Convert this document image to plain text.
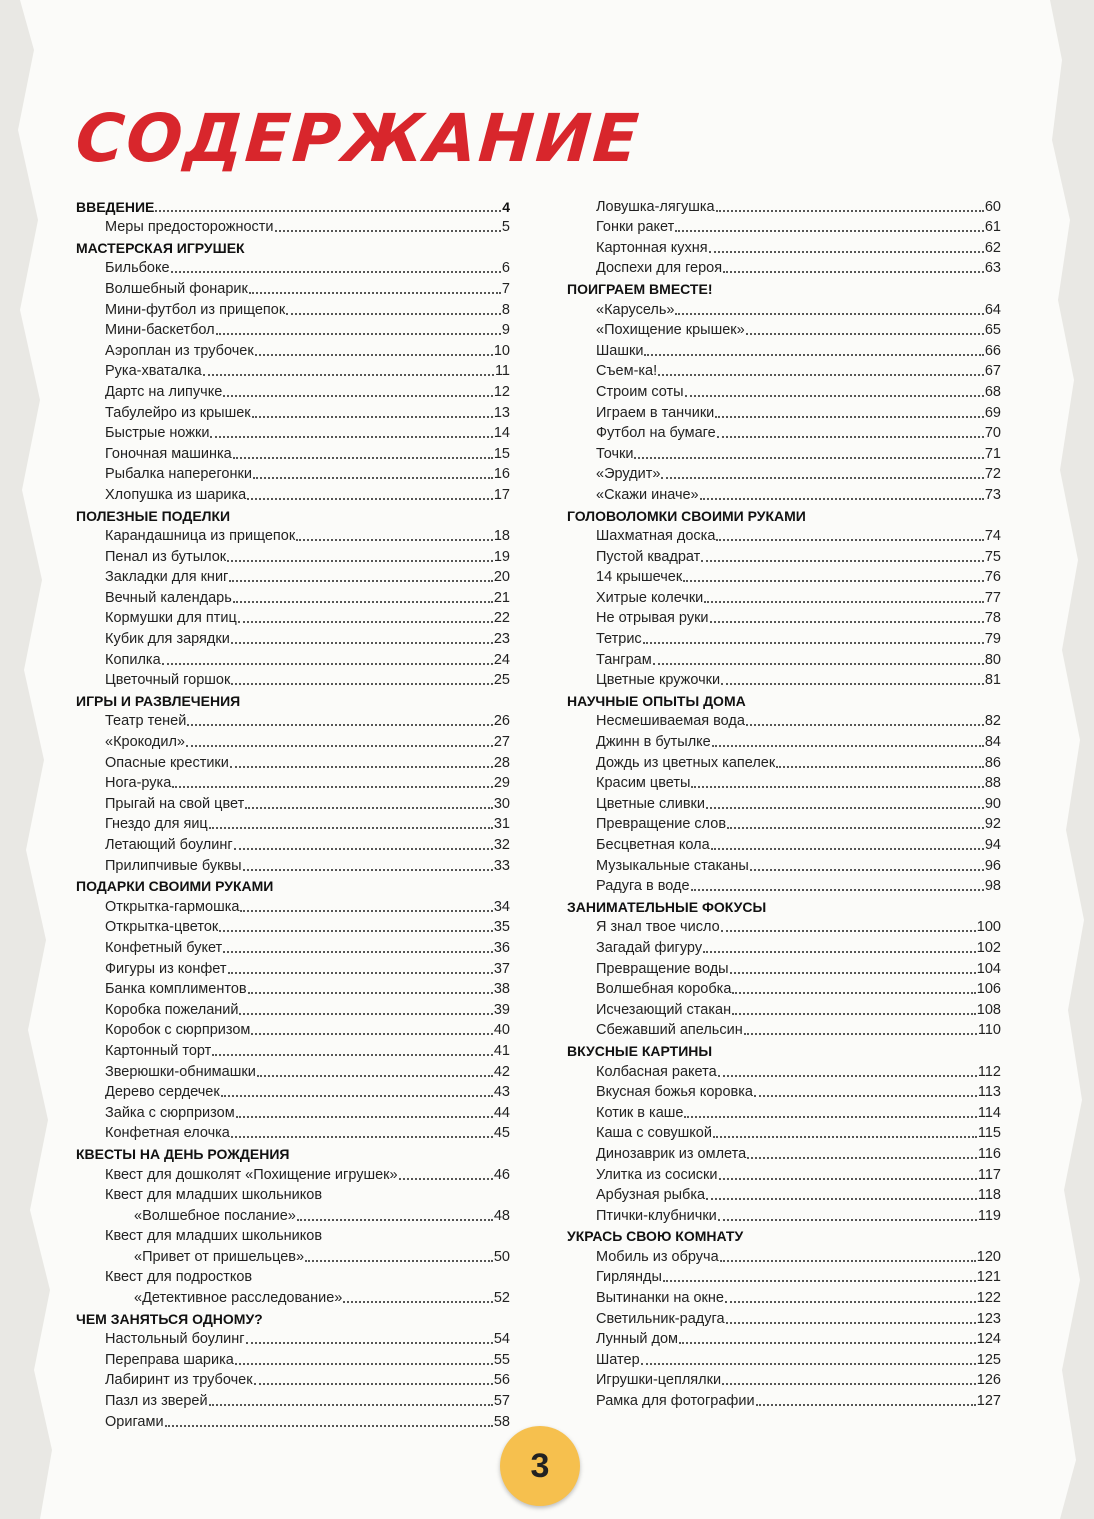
СОДЕРЖАНИЕ
ВВЕДЕНИЕ	4
Меры предосторожности	5
МАСТЕРСКАЯ ИГРУШЕК
Бильбоке	6
Волшебный фонарик	7
Мини-футбол из прищепок	8
Мини-баскетбол	9
Аэроплан из трубочек	10
Рука-хваталка	11
Дартс на липучке	12
Табулейро из крышек	13
Быстрые ножки	14
Гоночная машинка	15
Рыбалка наперегонки	16
Хлопушка из шарика	17
ПОЛЕЗНЫЕ ПОДЕЛКИ
Карандашница из прищепок	18
Пенал из бутылок	19
Закладки для книг	20
Вечный календарь	21
Кормушки для птиц	22
Кубик для зарядки	23
Копилка	24
Цветочный горшок	25
ИГРЫ И РАЗВЛЕЧЕНИЯ
Театр теней	26
«Крокодил»	27
Опасные крестики	28
Нога-рука	29
Прыгай на свой цвет	30
Гнездо для яиц	31
Летающий боулинг	32
Прилипчивые буквы	33
ПОДАРКИ СВОИМИ РУКАМИ
Открытка-гармошка	34
Открытка-цветок	35
Конфетный букет	36
Фигуры из конфет	37
Банка комплиментов	38
Коробка пожеланий	39
Коробок с сюрпризом	40
Картонный торт	41
Зверюшки-обнимашки	42
Дерево сердечек	43
Зайка с сюрпризом	44
Конфетная елочка	45
КВЕСТЫ НА ДЕНЬ РОЖДЕНИЯ
Квест для дошколят «Похищение игрушек»	46
Квест для младших школьников
«Волшебное послание»	48
Квест для младших школьников
«Привет от пришельцев»	50
Квест для подростков
«Детективное расследование»	52
ЧЕМ ЗАНЯТЬСЯ ОДНОМУ?
Настольный боулинг	54
Переправа шарика	55
Лабиринт из трубочек	56
Пазл из зверей	57
Оригами	58
Ловушка-лягушка	60
Гонки ракет	61
Картонная кухня	62
Доспехи для героя	63
ПОИГРАЕМ ВМЕСТЕ!
«Карусель»	64
«Похищение крышек»	65
Шашки	66
Съем-ка!	67
Строим соты	68
Играем в танчики	69
Футбол на бумаге	70
Точки	71
«Эрудит»	72
«Скажи иначе»	73
ГОЛОВОЛОМКИ СВОИМИ РУКАМИ
Шахматная доска	74
Пустой квадрат	75
14 крышечек	76
Хитрые колечки	77
Не отрывая руки	78
Тетрис	79
Танграм	80
Цветные кружочки	81
НАУЧНЫЕ ОПЫТЫ ДОМА
Несмешиваемая вода	82
Джинн в бутылке	84
Дождь из цветных капелек	86
Красим цветы	88
Цветные сливки	90
Превращение слов	92
Бесцветная кола	94
Музыкальные стаканы	96
Радуга в воде	98
ЗАНИМАТЕЛЬНЫЕ ФОКУСЫ
Я знал твое число	100
Загадай фигуру	102
Превращение воды	104
Волшебная коробка	106
Исчезающий стакан	108
Сбежавший апельсин	110
ВКУСНЫЕ КАРТИНЫ
Колбасная ракета	112
Вкусная божья коровка	113
Котик в каше	114
Каша с совушкой	115
Динозаврик из омлета	116
Улитка из сосиски	117
Арбузная рыбка	118
Птички-клубнички	119
УКРАСЬ СВОЮ КОМНАТУ
Мобиль из обруча	120
Гирлянды	121
Вытинанки на окне	122
Светильник-радуга	123
Лунный дом	124
Шатер	125
Игрушки-цеплялки	126
Рамка для фотографии	127
3
